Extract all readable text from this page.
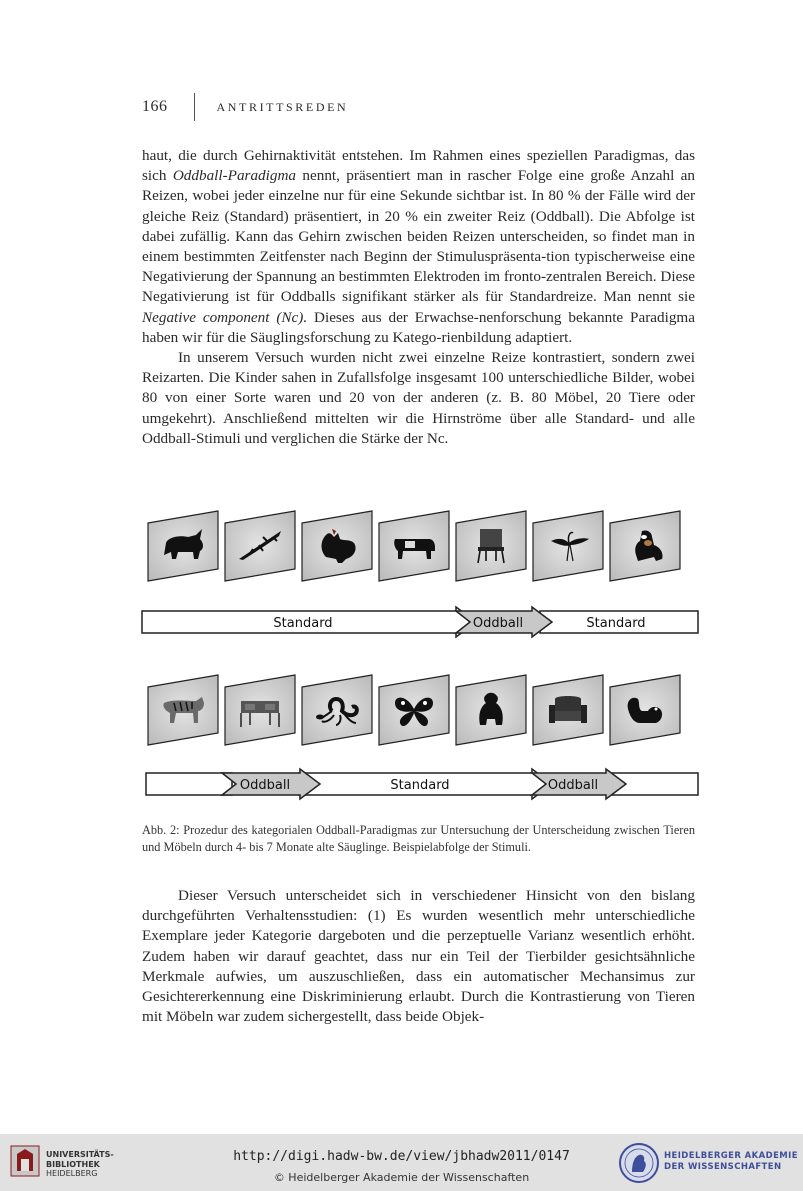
166	ANTRITTSREDEN

haut, die durch Gehirnaktivität entstehen. Im Rahmen eines speziellen Paradigmas, das sich Oddball-Paradigma nennt, präsentiert man in rascher Folge eine große Anzahl an Reizen, wobei jeder einzelne nur für eine Sekunde sichtbar ist. In 80 % der Fälle wird der gleiche Reiz (Standard) präsentiert, in 20 % ein zweiter Reiz (Oddball). Die Abfolge ist dabei zufällig. Kann das Gehirn zwischen beiden Reizen unterscheiden, so findet man in einem bestimmten Zeitfenster nach Beginn der Stimuluspräsenta-tion typischerweise eine Negativierung der Spannung an bestimmten Elektroden im fronto-zentralen Bereich. Diese Negativierung ist für Oddballs signifikant stärker als für Standardreize. Man nennt sie Negative component (Nc). Dieses aus der Erwachse-nenforschung bekannte Paradigma haben wir für die Säuglingsforschung zu Katego-rienbildung adaptiert.

In unserem Versuch wurden nicht zwei einzelne Reize kontrastiert, sondern zwei Reizarten. Die Kinder sahen in Zufallsfolge insgesamt 100 unterschiedliche Bilder, wobei 80 von einer Sorte waren und 20 von der anderen (z. B. 80 Möbel, 20 Tiere oder umgekehrt). Anschließend mittelten wir die Hirnströme über alle Standard- und alle Oddball-Stimuli und verglichen die Stärke der Nc.

Standard
Standard	Oddball
Standard
Oddball	Oddball

Abb. 2: Prozedur des kategorialen Oddball-Paradigmas zur Untersuchung der Unterscheidung zwischen Tieren und Möbeln durch 4- bis 7 Monate alte Säuglinge. Beispielabfolge der Stimuli.

Dieser Versuch unterscheidet sich in verschiedener Hinsicht von den bislang durchgeführten Verhaltensstudien: (1) Es wurden wesentlich mehr unterschiedliche Exemplare jeder Kategorie dargeboten und die perzeptuelle Varianz wesentlich erhöht. Zudem haben wir darauf geachtet, dass nur ein Teil der Tierbilder gesichtsähnliche Merkmale aufwies, um auszuschließen, dass ein automatischer Mechansimus zur Gesichtererkennung eine Diskriminierung erlaubt. Durch die Kontrastierung von Tieren mit Möbeln war zudem sichergestellt, dass beide Objek-

UNIVERSITÄTS-
BIBLIOTHEK
HEIDELBERG
http://digi.hadw-bw.de/view/jbhadw2011/0147
© Heidelberger Akademie der Wissenschaften
HEIDELBERGER AKADEMIE
DER WISSENSCHAFTEN
